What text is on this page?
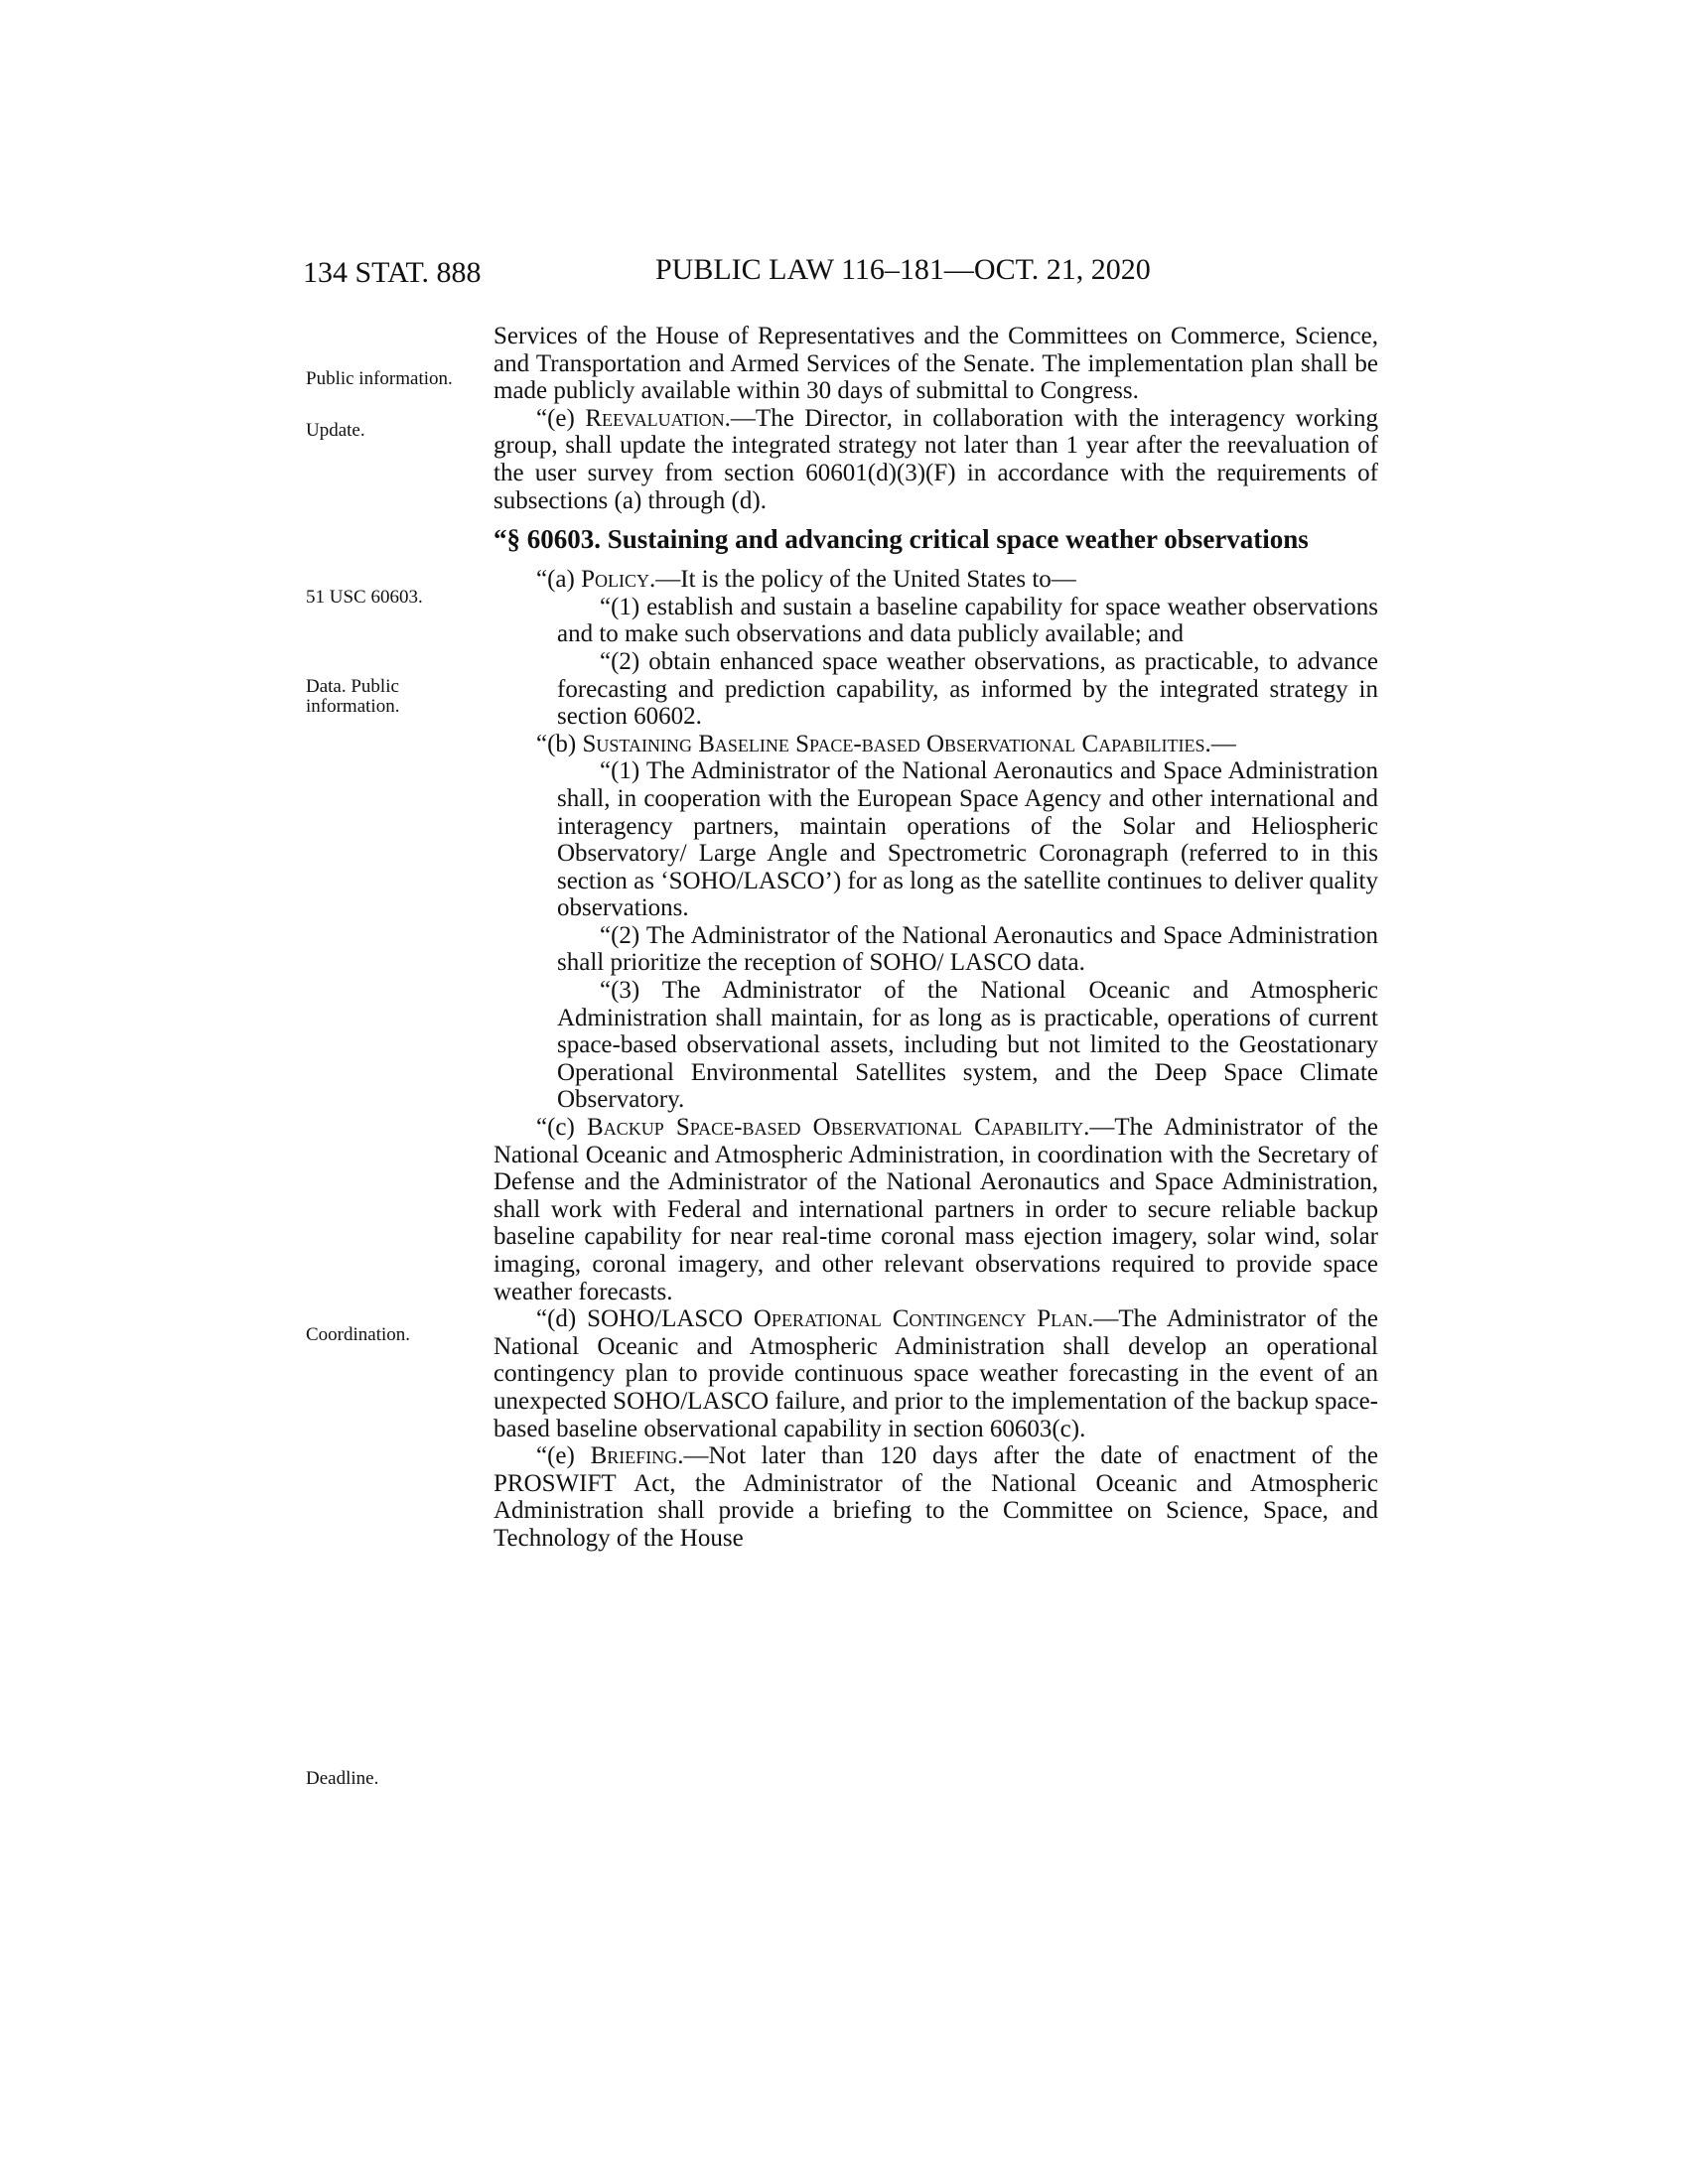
134 STAT. 888	PUBLIC LAW 116–181—OCT. 21, 2020
Public information.
Update.
51 USC 60603.
Data. Public information.
Coordination.
Deadline.

Services of the House of Representatives and the Committees on Commerce, Science, and Transportation and Armed Services of the Senate. The implementation plan shall be made publicly available within 30 days of submittal to Congress.

“(e) Reevaluation.—The Director, in collaboration with the interagency working group, shall update the integrated strategy not later than 1 year after the reevaluation of the user survey from section 60601(d)(3)(F) in accordance with the requirements of subsections (a) through (d).

“§ 60603. Sustaining and advancing critical space weather observations

“(a) Policy.—It is the policy of the United States to—

“(1) establish and sustain a baseline capability for space weather observations and to make such observations and data publicly available; and

“(2) obtain enhanced space weather observations, as practicable, to advance forecasting and prediction capability, as informed by the integrated strategy in section 60602.

“(b) Sustaining Baseline Space-based Observational Capabilities.—

“(1) The Administrator of the National Aeronautics and Space Administration shall, in cooperation with the European Space Agency and other international and interagency partners, maintain operations of the Solar and Heliospheric Observatory/ Large Angle and Spectrometric Coronagraph (referred to in this section as ‘SOHO/LASCO’) for as long as the satellite continues to deliver quality observations.

“(2) The Administrator of the National Aeronautics and Space Administration shall prioritize the reception of SOHO/ LASCO data.

“(3) The Administrator of the National Oceanic and Atmospheric Administration shall maintain, for as long as is practicable, operations of current space-based observational assets, including but not limited to the Geostationary Operational Environmental Satellites system, and the Deep Space Climate Observatory.

“(c) Backup Space-based Observational Capability.—The Administrator of the National Oceanic and Atmospheric Administration, in coordination with the Secretary of Defense and the Administrator of the National Aeronautics and Space Administration, shall work with Federal and international partners in order to secure reliable backup baseline capability for near real-time coronal mass ejection imagery, solar wind, solar imaging, coronal imagery, and other relevant observations required to provide space weather forecasts.

“(d) SOHO/LASCO Operational Contingency Plan.—The Administrator of the National Oceanic and Atmospheric Administration shall develop an operational contingency plan to provide continuous space weather forecasting in the event of an unexpected SOHO/LASCO failure, and prior to the implementation of the backup space-based baseline observational capability in section 60603(c).

“(e) Briefing.—Not later than 120 days after the date of enactment of the PROSWIFT Act, the Administrator of the National Oceanic and Atmospheric Administration shall provide a briefing to the Committee on Science, Space, and Technology of the House
